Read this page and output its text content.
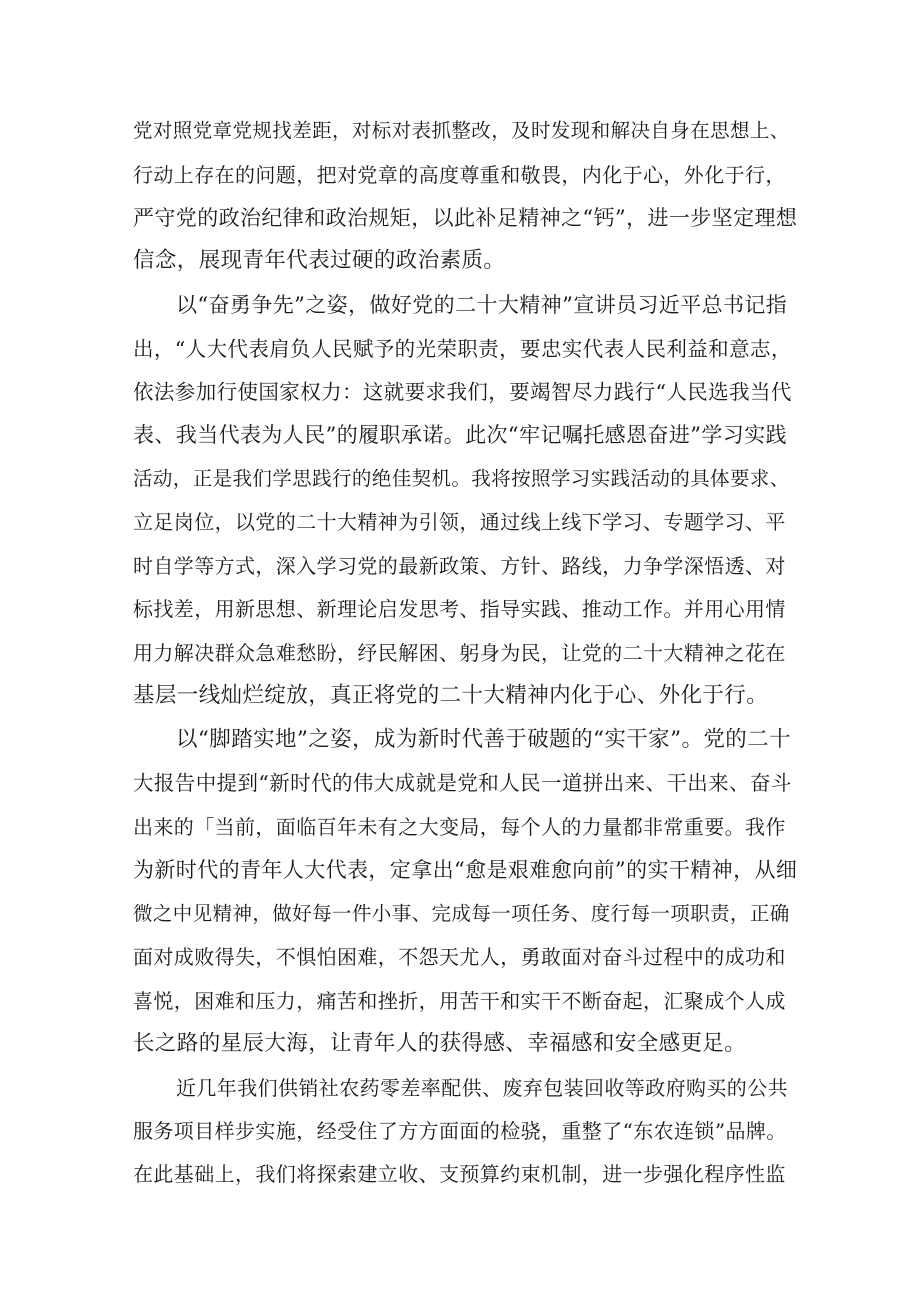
党对照党章党规找差距，对标对表抓整改，及时发现和解决自身在思想上、
行动上存在的问题，把对党章的高度尊重和敬畏，内化于心，外化于行，
严守党的政治纪律和政治规矩，以此补足精神之“钙”，进一步坚定理想
信念，展现青年代表过硬的政治素质。
以“奋勇争先”之姿，做好党的二十大精神”宣讲员习近平总书记指
出，“人大代表肩负人民赋予的光荣职责，要忠实代表人民利益和意志，
依法参加行使国家权力：这就要求我们，要竭智尽力践行“人民选我当代
表、我当代表为人民”的履职承诺。此次“牢记嘱托感恩奋进”学习实践
活动，正是我们学思践行的绝佳契机。我将按照学习实践活动的具体要求、
立足岗位，以党的二十大精神为引领，通过线上线下学习、专题学习、平
时自学等方式，深入学习党的最新政策、方针、路线，力争学深悟透、对
标找差，用新思想、新理论启发思考、指导实践、推动工作。并用心用情
用力解决群众急难愁盼，纾民解困、躬身为民，让党的二十大精神之花在
基层一线灿烂绽放，真正将党的二十大精神内化于心、外化于行。
以“脚踏实地”之姿，成为新时代善于破题的“实干家”。党的二十
大报告中提到“新时代的伟大成就是党和人民一道拼出来、干出来、奋斗
出来的「当前，面临百年未有之大变局，每个人的力量都非常重要。我作
为新时代的青年人大代表，定拿出“愈是艰难愈向前”的实干精神，从细
微之中见精神，做好每一件小事、完成每一项任务、度行每一项职责，正确
面对成败得失，不惧怕困难，不怨天尤人，勇敢面对奋斗过程中的成功和
喜悦，困难和压力，痛苦和挫折，用苦干和实干不断奋起，汇聚成个人成
长之路的星辰大海，让青年人的获得感、幸福感和安全感更足。
近几年我们供销社农药零差率配供、废弃包装回收等政府购买的公共
服务项目样步实施，经受住了方方面面的检骁，重整了“东农连锁”品牌。
在此基础上，我们将探索建立收、支预算约束机制，进一步强化程序性监
